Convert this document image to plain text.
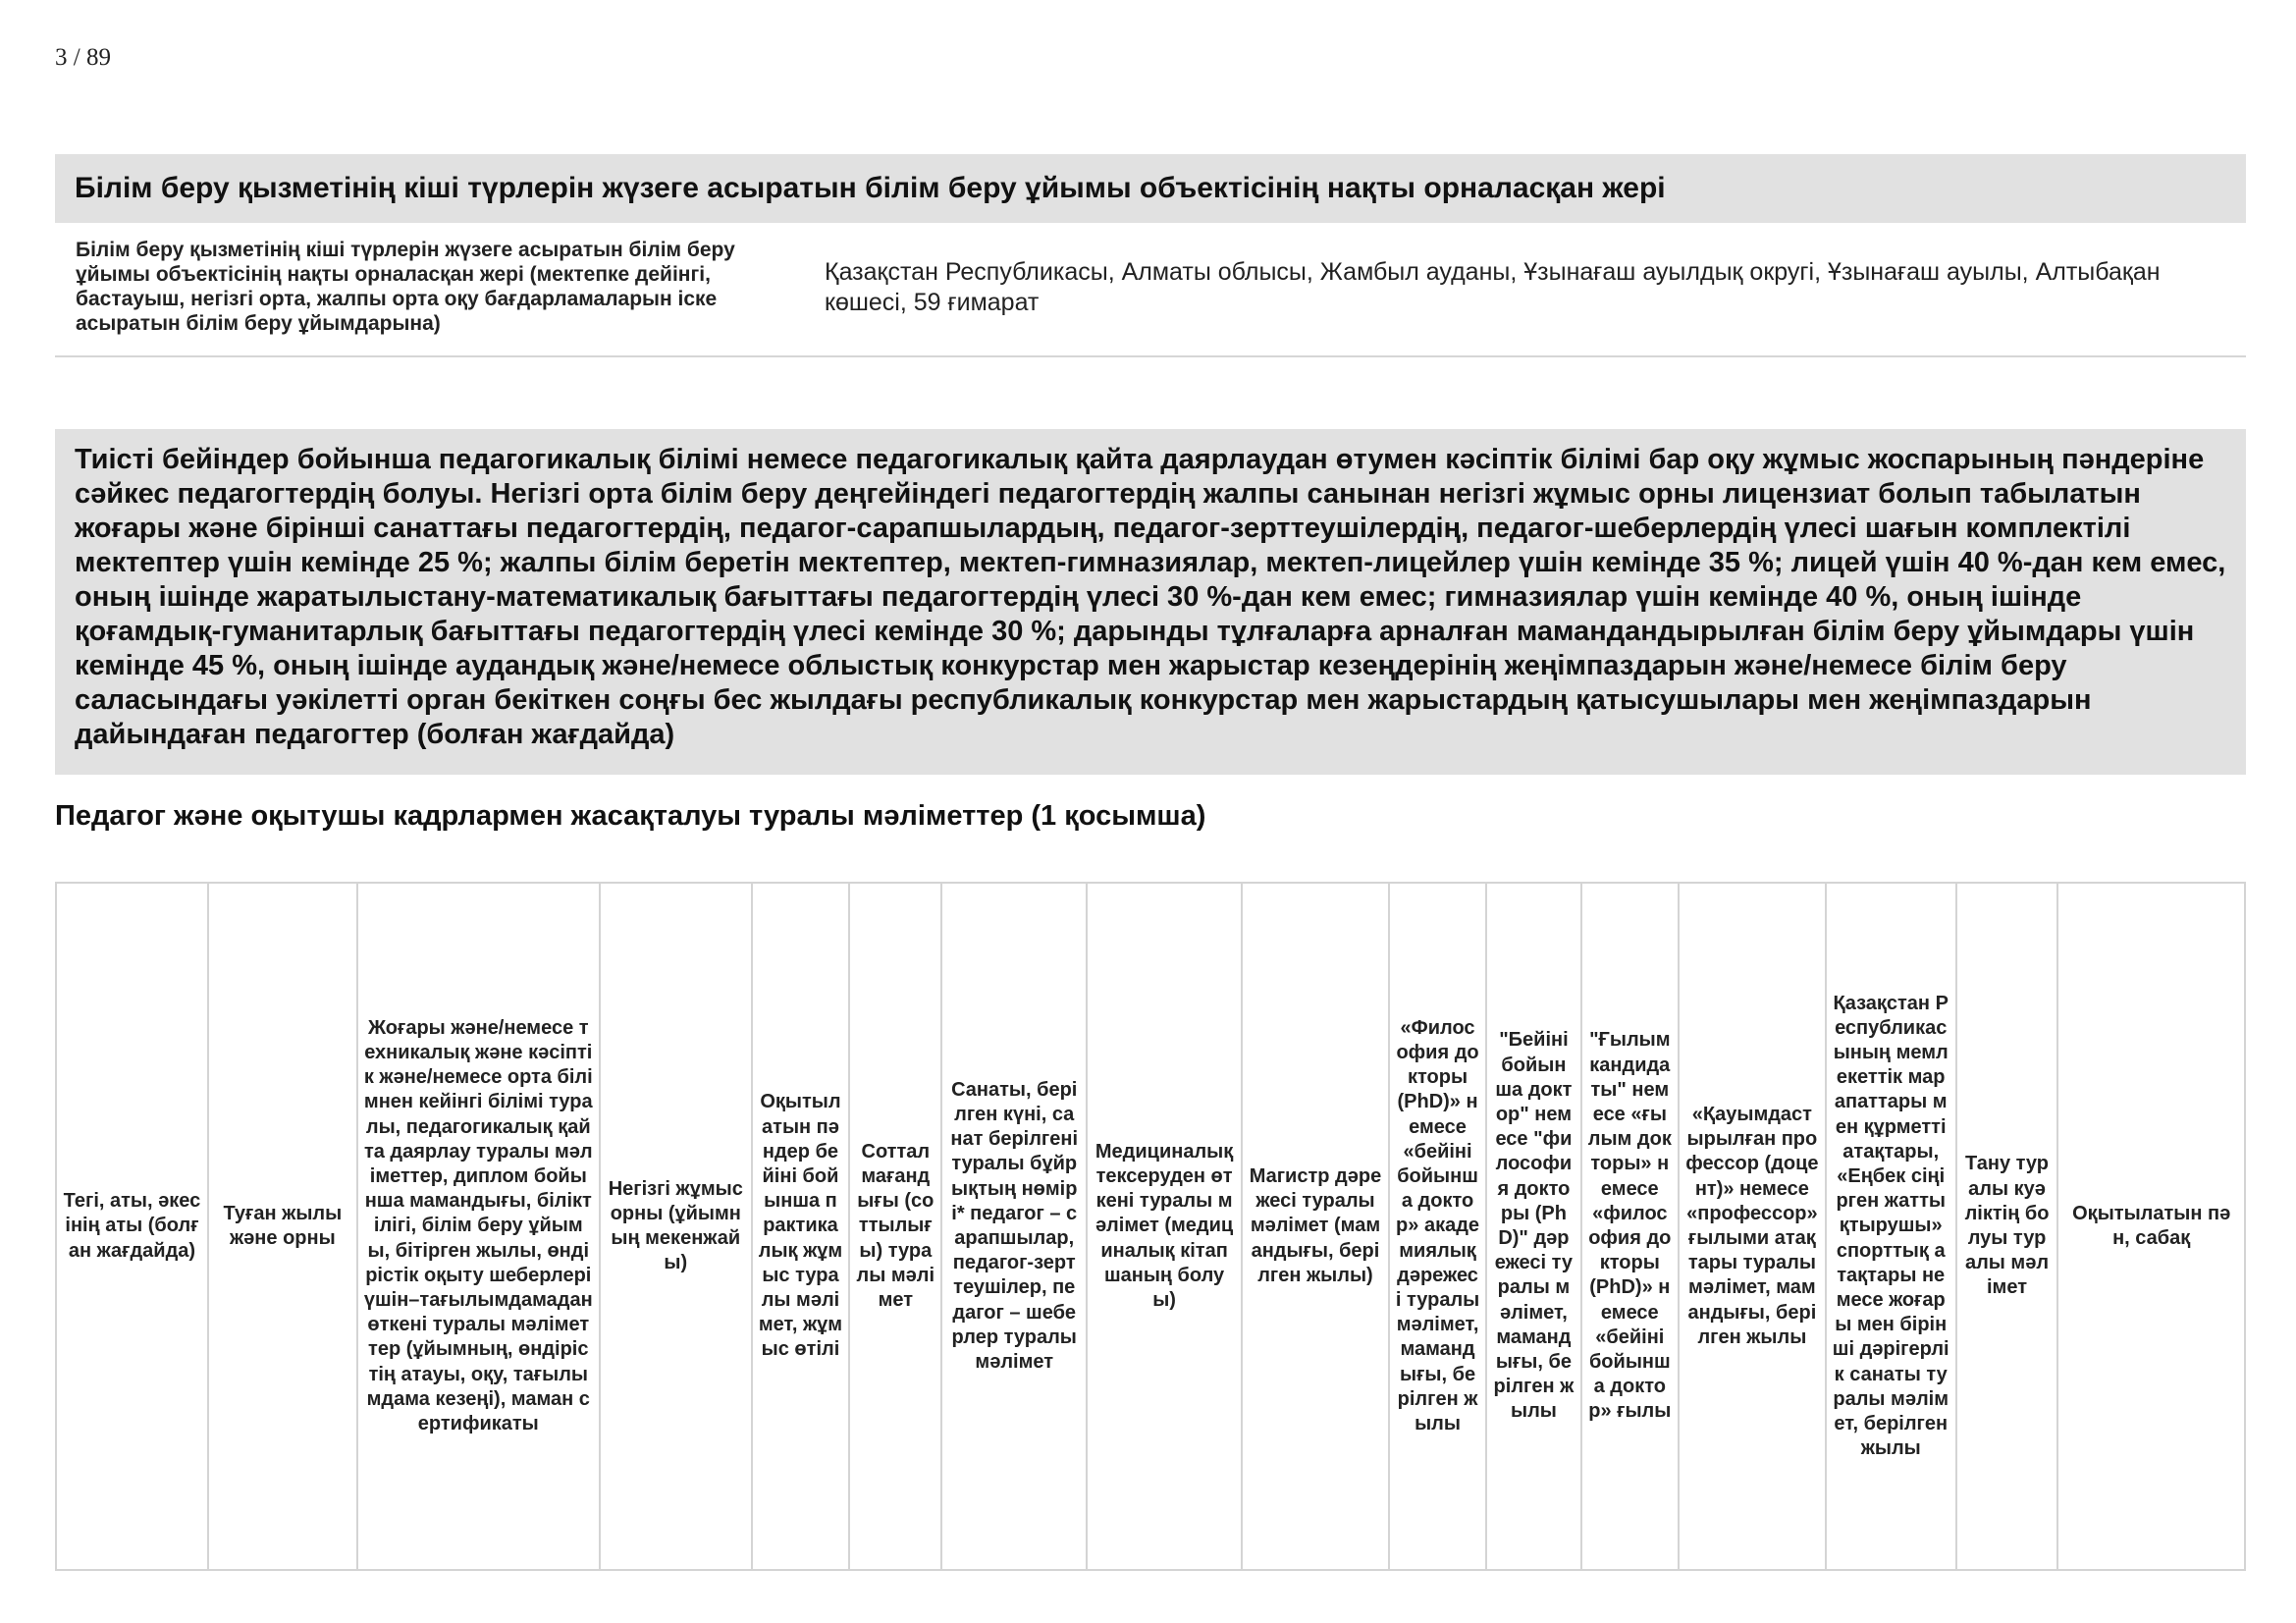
3 / 89
Білім беру қызметінің кіші түрлерін жүзеге асыратын білім беру ұйымы объектісінің нақты орналасқан жері
Білім беру қызметінің кіші түрлерін жүзеге асыратын білім беру ұйымы объектісінің нақты орналасқан жері (мектепке дейінгі, бастауыш, негізгі орта, жалпы орта оқу бағдарламаларын іске асыратын білім беру ұйымдарына)
Қазақстан Республикасы, Алматы облысы, Жамбыл ауданы, Ұзынағаш ауылдық округі, Ұзынағаш ауылы, Алтыбақан көшесі, 59 ғимарат
Тиісті бейіндер бойынша педагогикалық білімі немесе педагогикалық қайта даярлаудан өтумен кәсіптік білімі бар оқу жұмыс жоспарының пәндеріне сәйкес педагогтердің болуы. Негізгі орта білім беру деңгейіндегі педагогтердің жалпы санынан негізгі жұмыс орны лицензиат болып табылатын жоғары және бірінші санаттағы педагогтердің, педагог-сарапшылардың, педагог-зерттеушілердің, педагог-шеберлердің үлесі шағын комплектілі мектептер үшін кемінде 25 %; жалпы білім беретін мектептер, мектеп-гимназиялар, мектеп-лицейлер үшін кемінде 35 %; лицей үшін 40 %-дан кем емес, оның ішінде жаратылыстану-математикалық бағыттағы педагогтердің үлесі 30 %-дан кем емес; гимназиялар үшін кемінде 40 %, оның ішінде қоғамдық-гуманитарлық бағыттағы педагогтердің үлесі кемінде 30 %; дарынды тұлғаларға арналған мамандандырылған білім беру ұйымдары үшін кемінде 45 %, оның ішінде аудандық және/немесе облыстық конкурстар мен жарыстар кезеңдерінің жеңімпаздарын және/немесе білім беру саласындағы уәкілетті орган бекіткен соңғы бес жылдағы республикалық конкурстар мен жарыстардың қатысушылары мен жеңімпаздарын дайындаған педагогтер (болған жағдайда)
Педагог және оқытушы кадрлармен жасақталуы туралы мәліметтер (1 қосымша)
Тегі, аты, әкесінің аты (болған жағдайда)	Туған жылы және орны	Жоғары және/немесе техникалық және кәсіптік және/немесе орта білімнен кейінгі білімі туралы, педагогикалық қайта даярлау туралы мәліметтер, диплом бойынша мамандығы, біліктілігі, білім беру ұйымы, бітірген жылы, өндірістік оқыту шеберлері үшін–тағылымдамадан өткені туралы мәліметтер (ұйымның, өндірістің атауы, оқу, тағылымдама кезеңі), маман сертификаты	Негізгі жұмыс орны (ұйымның мекенжайы)	Оқытылатын пәндер бейіні бойынша практикалық жұмыс туралы мәлімет, жұмыс өтілі	Сотталмағандығы (соттылығы) туралы мәлімет	Санаты, берілген күні, санат берілгені туралы бұйрықтың нөмірі* педагог – сарапшылар, педагог-зерттеушілер, педагог – шеберлер туралы мәлімет	Медициналық тексеруден өткені туралы мәлімет (медициналық кітапшаның болуы)	Магистр дәрежесі туралы мәлімет (мамандығы, берілген жылы)	«Философия докторы (PhD)» немесе «бейіні бойынша доктор» академиялық дәрежесі туралы мәлімет, мамандығы, берілген жылы	"Бейіні бойынша доктор" немесе "философия докторы (PhD)" дәрежесі туралы мәлімет, мамандығы, берілген жылы	"Ғылым кандидаты" немесе «ғылым докторы» немесе «философия докторы (PhD)» немесе «бейіні бойынша доктор» ғылы	«Қауымдастырылған профессор (доцент)» немесе «профессор» ғылыми атақтары туралы мәлімет, мамандығы, берілген жылы	Қазақстан Республикасының мемлекеттік марапаттары мен құрметті атақтары, «Еңбек сіңірген жаттықтырушы» спорттық атақтары немесе жоғары мен бірінші дәрігерлік санаты туралы мәлімет, берілген жылы	Тану туралы куәліктің болуы туралы мәлімет	Оқытылатын пән, сабақ
